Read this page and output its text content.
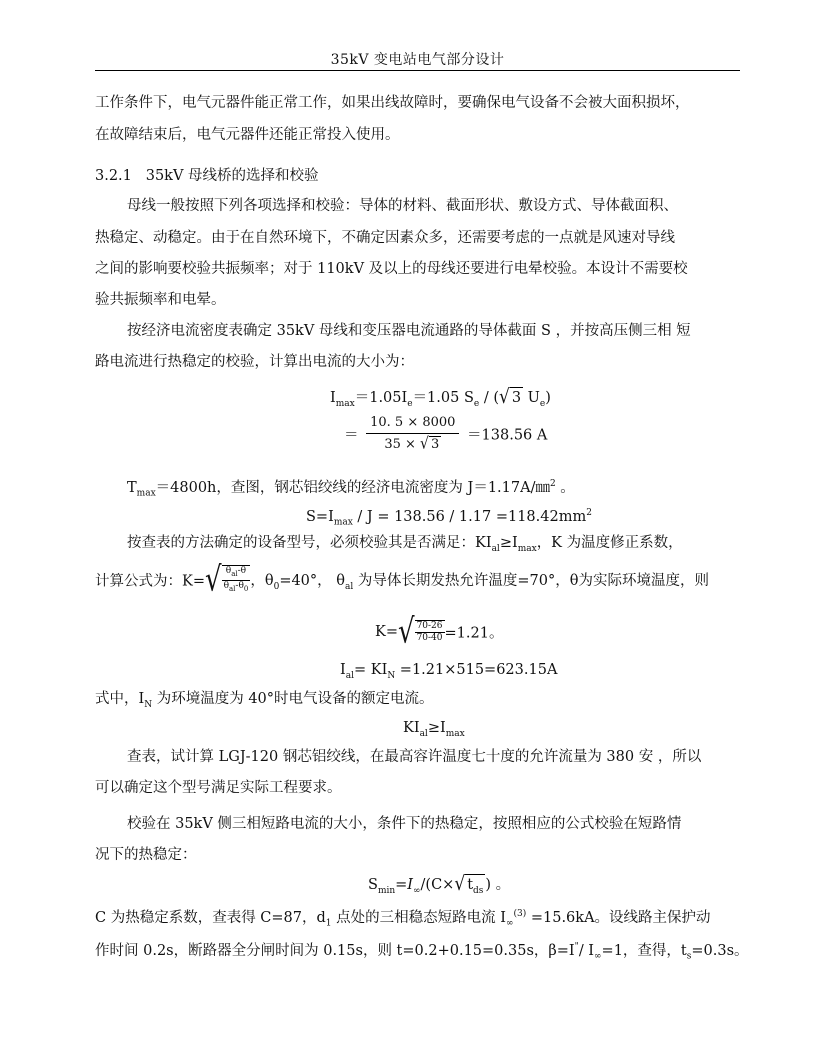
35kV 变电站电气部分设计
工作条件下，电气元器件能正常工作，如果出线故障时，要确保电气设备不会被大面积损坏，
在故障结束后，电气元器件还能正常投入使用。
3.2.1 35kV 母线桥的选择和校验
母线一般按照下列各项选择和校验：导体的材料、截面形状、敷设方式、导体截面积、
热稳定、动稳定。由于在自然环境下，不确定因素众多，还需要考虑的一点就是风速对导线
之间的影响要校验共振频率；对于 110kV 及以上的母线还要进行电晕校验。本设计不需要校
验共振频率和电晕。
按经济电流密度表确定 35kV 母线和变压器电流通路的导体截面 S ，并按高压侧三相 短
路电流进行热稳定的校验，计算出电流的大小为：
$I_{max}=1.05I_e=1.05$ $S_e$ / (√ 3 $U_e$)
＝ $\frac{10. 5 \times 8000}{35 \times √ 3} =138.56$ A
$T_{max}=4800h$，查图，钢芯铝绞线的经济电流密度为 J＝1.17A/㎜$^2$ 。
$S=I_{max} / J = 138.56 / 1.17 =118.42mm^2$
按查表的方法确定的设备型号，必须校验其是否满足：$KI_{al}\ge I_{max}$，K 为温度修正系数，
计算公式为：$K=√ \frac{\theta_{al}-\theta}{\theta_{al}-\theta_0}$ ，$\theta_0=40^\circ$， $\theta_{al}$ 为导体长期发热允许温度=70°，θ为实际环境温度，则
$K=√ \frac{70-26}{70-40} =1.21$。
$I_{al}= KI_N =1.21\times 515=623.15A$
式中，$I_N$ 为环境温度为 40°时电气设备的额定电流。
$KI_{al}\ge I_{max}$
查表，试计算 LGJ-120 钢芯铝绞线，在最高容许温度七十度的允许流量为 380 安 ，所以
可以确定这个型号满足实际工程要求。
校验在 35kV 侧三相短路电流的大小，条件下的热稳定，按照相应的公式校验在短路情
况下的热稳定：
$S_{min}=I_\infty/(C\times√$ $t_{ds}$ ) 。
C 为热稳定系数，查表得 C=87，$d_1$ 点处的三相稳态短路电流 $I_\infty^{(3)} =15.6kA$。设线路主保护动
作时间 0.2s，断路器全分闸时间为 0.15s，则 t=0.2+0.15=0.35s，β=I"/ $I_\infty=1$，查得，$t_s=0.3s$。
